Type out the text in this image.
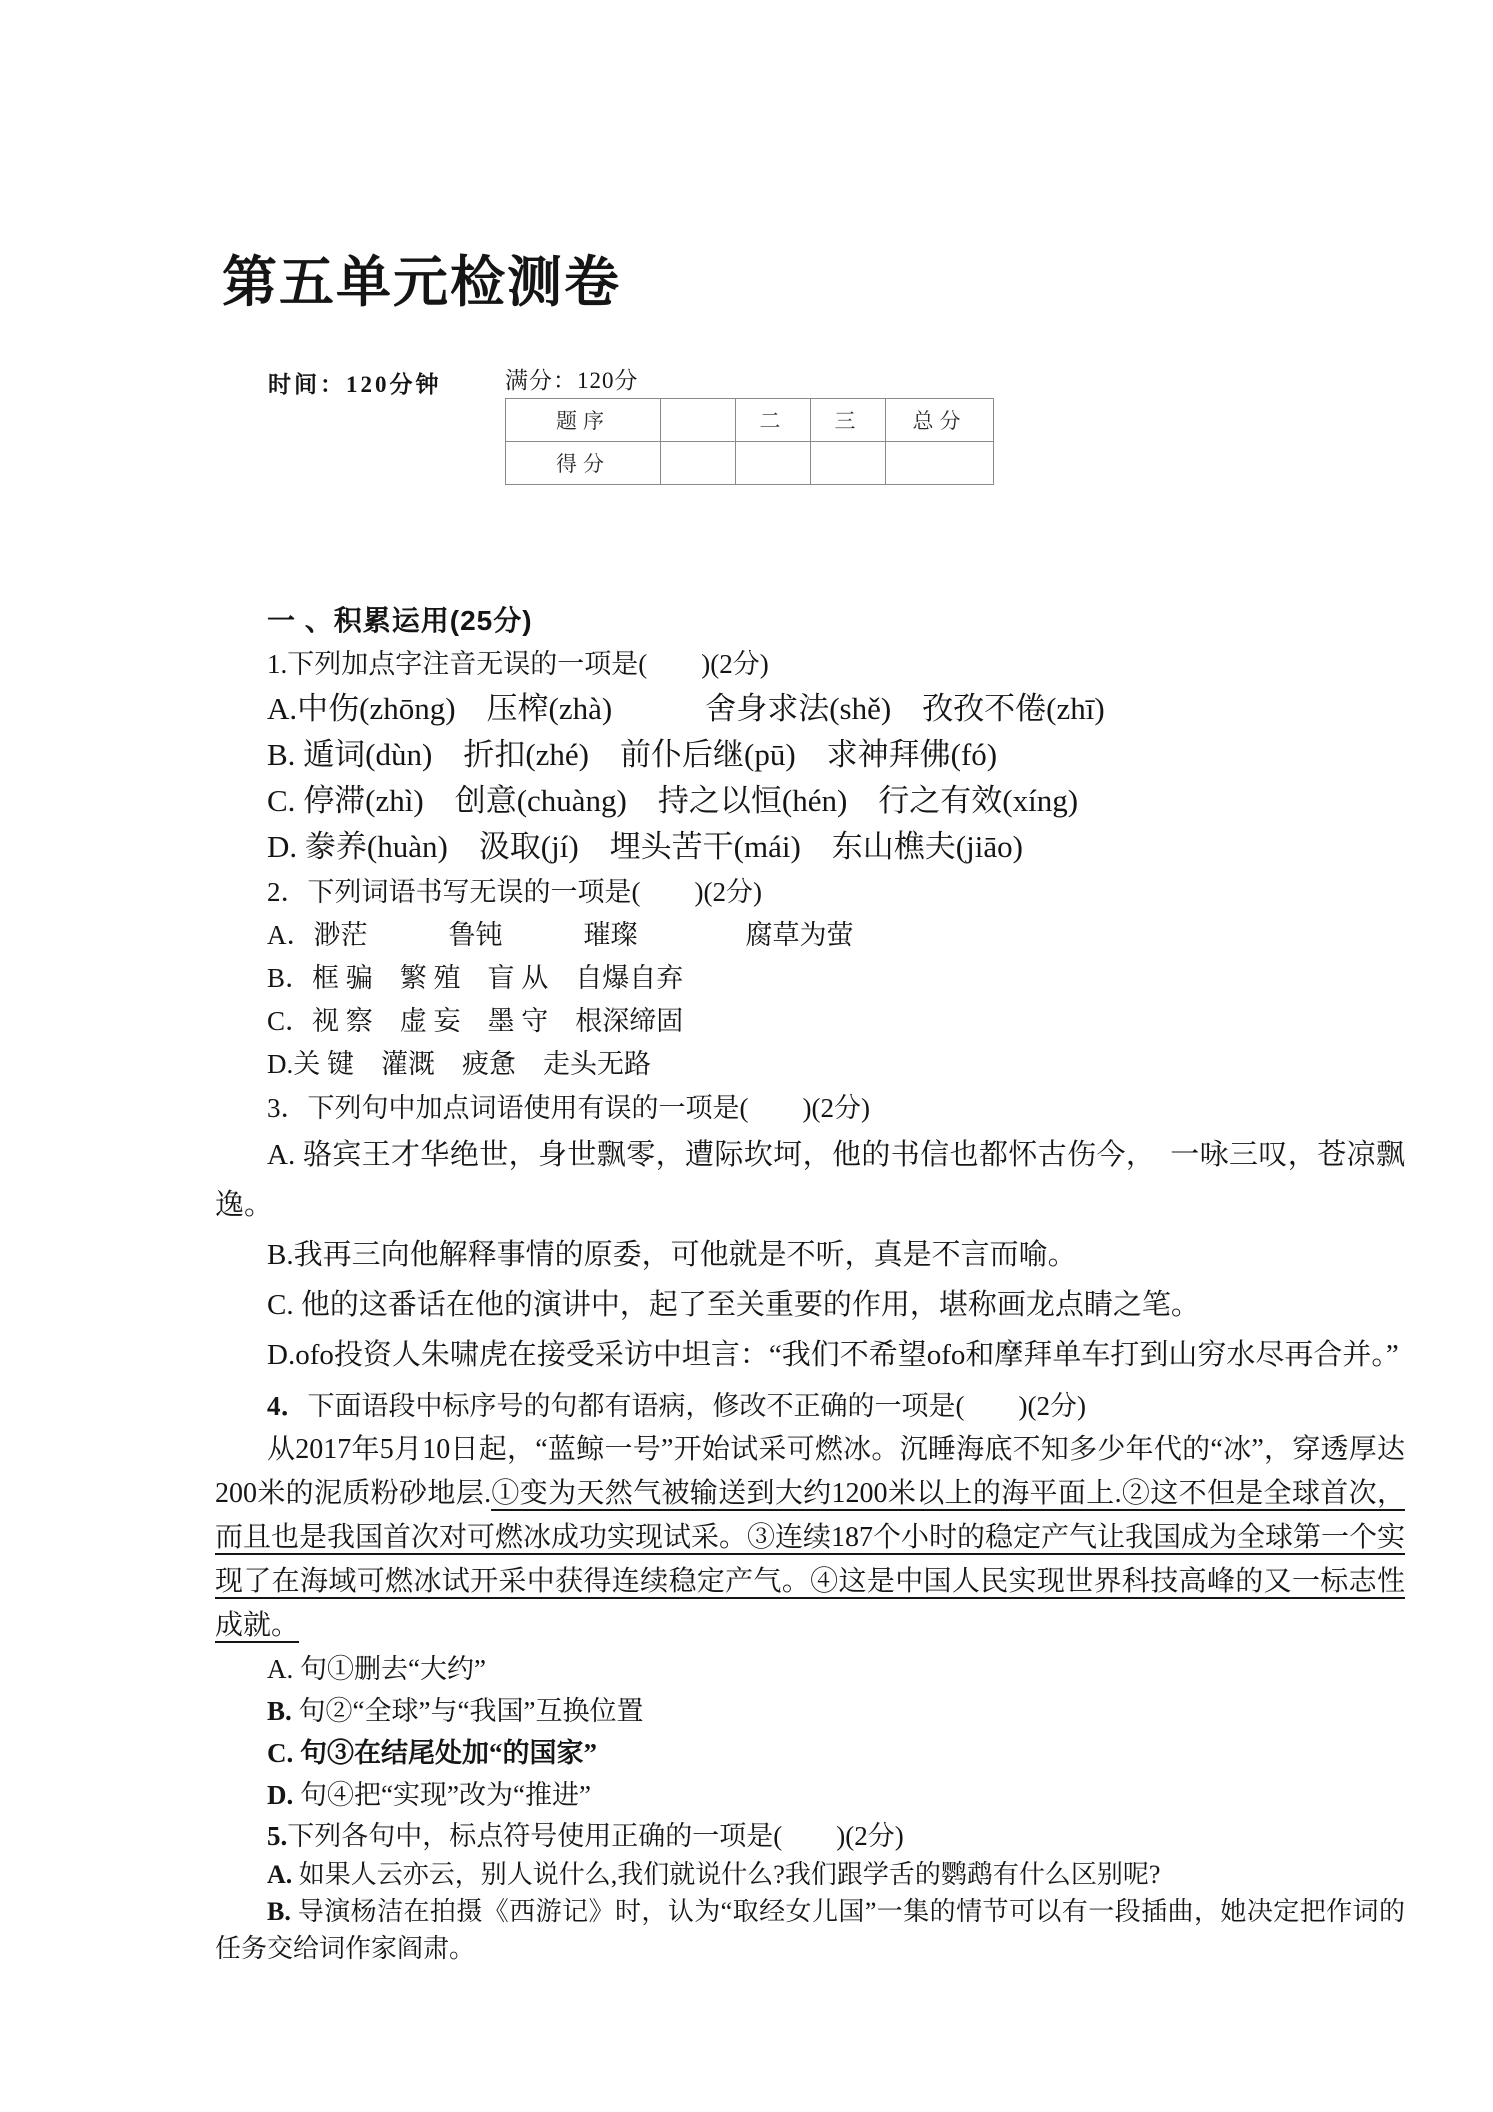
第五单元检测卷
时间：120分钟	满分：120分
题序		二	三	总分
得分				

一 、积累运用(25分)

1.下列加点字注音无误的一项是(　　)(2分)

A.中伤(zhōng)　压榨(zhà)　　　舍身求法(shě)　孜孜不倦(zhī)

B. 遁词(dùn)　折扣(zhé)　前仆后继(pū)　求神拜佛(fó)

C. 停滞(zhì)　创意(chuàng)　持之以恒(hén)　行之有效(xíng)

D. 豢养(huàn)　汲取(jí)　埋头苦干(mái)　东山樵夫(jiāo)

2．下列词语书写无误的一项是(　　)(2分)

A．渺茫　　　鲁钝　　　璀璨　　　　腐草为萤

B．框 骗　繁 殖　盲 从　自爆自弃

C．视 察　虚 妄　墨 守　根深缔固

D.关 键　灌溉　疲惫　走头无路

3．下列句中加点词语使用有误的一项是(　　)(2分)

A. 骆宾王才华绝世，身世飘零，遭际坎坷，他的书信也都怀古伤今，　一咏三叹，苍凉飘逸。

B.我再三向他解释事情的原委，可他就是不听，真是不言而喻。

C. 他的这番话在他的演讲中，起了至关重要的作用，堪称画龙点睛之笔。

D.ofo投资人朱啸虎在接受采访中坦言：“我们不希望ofo和摩拜单车打到山穷水尽再合并。”

4．下面语段中标序号的句都有语病，修改不正确的一项是(　　)(2分)

从2017年5月10日起，“蓝鲸一号”开始试采可燃冰。沉睡海底不知多少年代的“冰”，穿透厚达200米的泥质粉砂地层.①变为天然气被输送到大约1200米以上的海平面上.②这不但是全球首次，而且也是我国首次对可燃冰成功实现试采。③连续187个小时的稳定产气让我国成为全球第一个实现了在海域可燃冰试开采中获得连续稳定产气。④这是中国人民实现世界科技高峰的又一标志性成就。

A. 句①删去“大约”

B. 句②“全球”与“我国”互换位置

C. 句③在结尾处加“的国家”

D. 句④把“实现”改为“推进”

5.下列各句中，标点符号使用正确的一项是(　　)(2分)

A. 如果人云亦云，别人说什么,我们就说什么?我们跟学舌的鹦鹉有什么区别呢?

B. 导演杨洁在拍摄《西游记》时，认为“取经女儿国”一集的情节可以有一段插曲，她决定把作词的任务交给词作家阎肃。
